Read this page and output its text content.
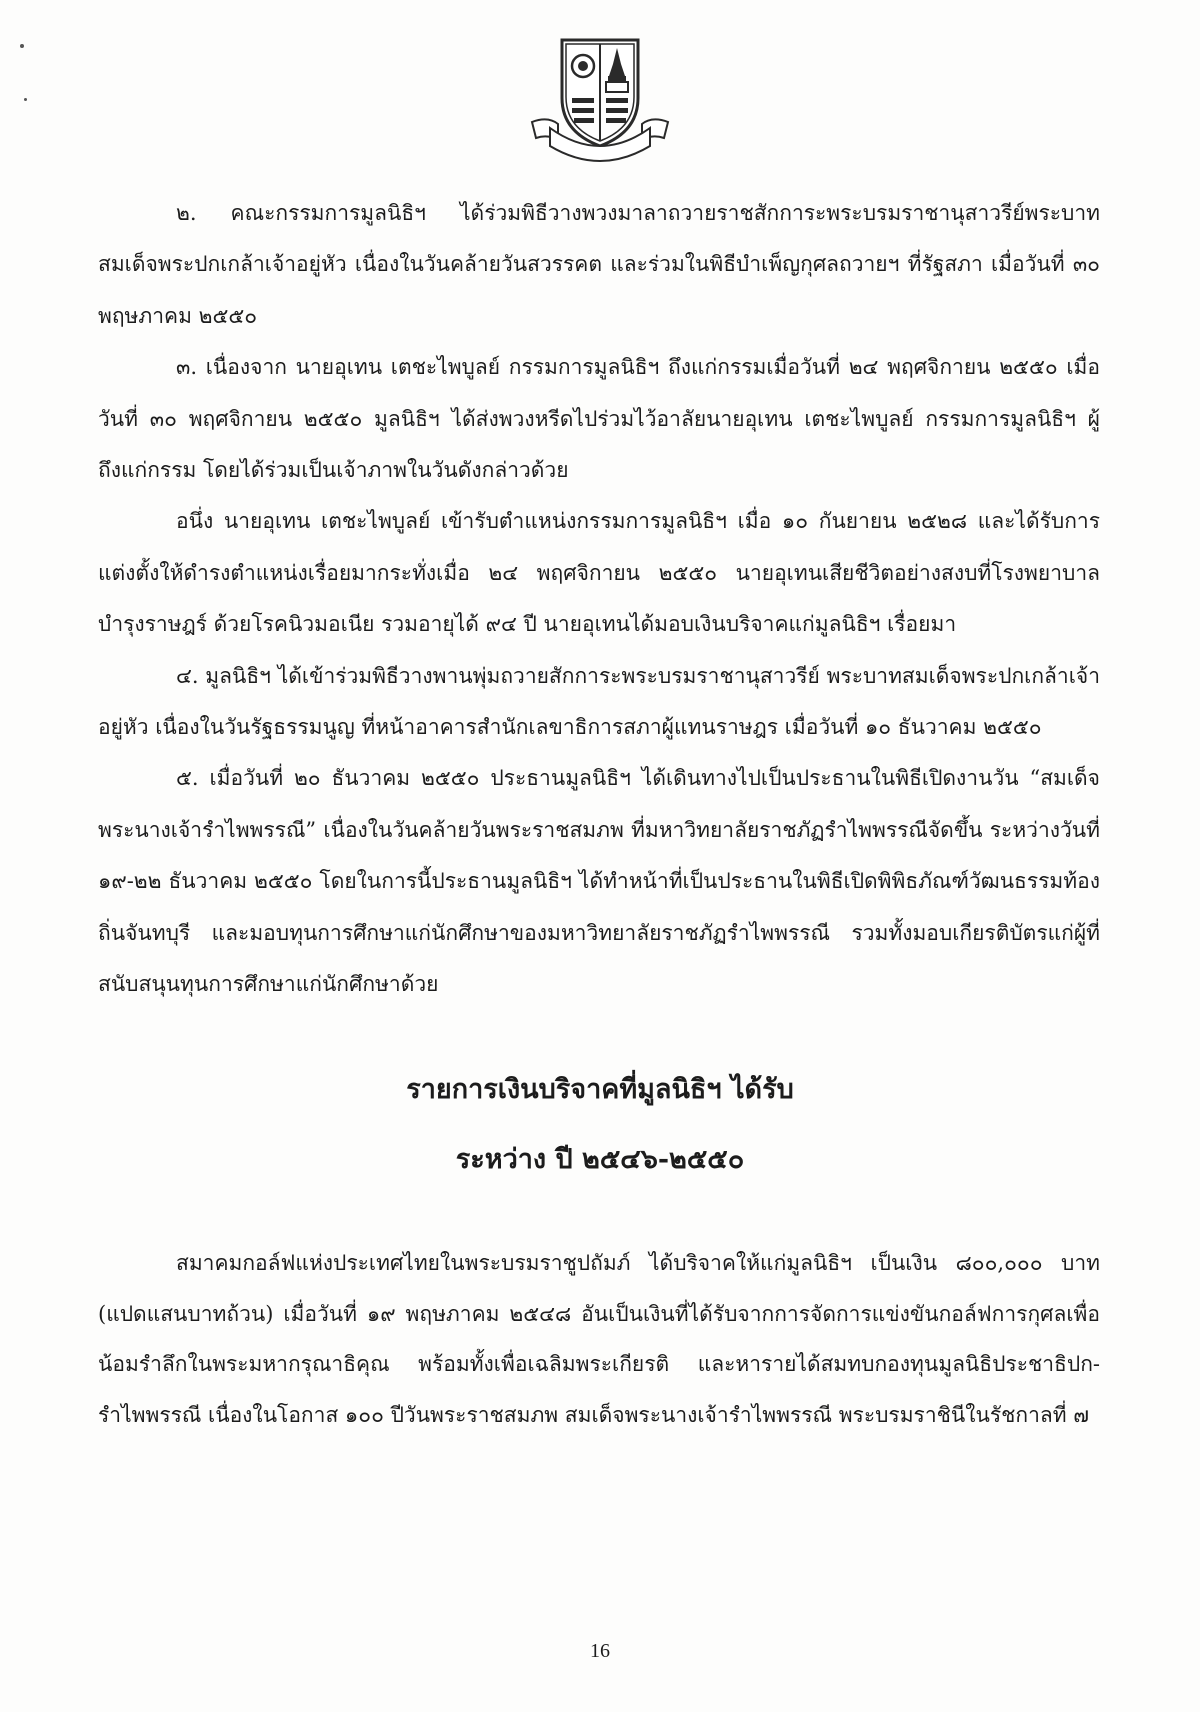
๒. คณะกรรมการมูลนิธิฯ ได้ร่วมพิธีวางพวงมาลาถวายราชสักการะพระบรมราชานุสาวรีย์พระบาทสมเด็จพระปกเกล้าเจ้าอยู่หัว เนื่องในวันคล้ายวันสวรรคต และร่วมในพิธีบำเพ็ญกุศลถวายฯ ที่รัฐสภา เมื่อวันที่ ๓๐ พฤษภาคม ๒๕๕๐

๓. เนื่องจาก นายอุเทน เตชะไพบูลย์ กรรมการมูลนิธิฯ ถึงแก่กรรมเมื่อวันที่ ๒๔ พฤศจิกายน ๒๕๕๐ เมื่อวันที่ ๓๐ พฤศจิกายน ๒๕๕๐ มูลนิธิฯ ได้ส่งพวงหรีดไปร่วมไว้อาลัยนายอุเทน เตชะไพบูลย์ กรรมการมูลนิธิฯ ผู้ถึงแก่กรรม โดยได้ร่วมเป็นเจ้าภาพในวันดังกล่าวด้วย

อนึ่ง นายอุเทน เตชะไพบูลย์ เข้ารับตำแหน่งกรรมการมูลนิธิฯ เมื่อ ๑๐ กันยายน ๒๕๒๘ และได้รับการแต่งตั้งให้ดำรงตำแหน่งเรื่อยมากระทั่งเมื่อ ๒๔ พฤศจิกายน ๒๕๕๐ นายอุเทนเสียชีวิตอย่างสงบที่โรงพยาบาลบำรุงราษฎร์ ด้วยโรคนิวมอเนีย รวมอายุได้ ๙๔ ปี นายอุเทนได้มอบเงินบริจาคแก่มูลนิธิฯ เรื่อยมา

๔. มูลนิธิฯ ได้เข้าร่วมพิธีวางพานพุ่มถวายสักการะพระบรมราชานุสาวรีย์ พระบาทสมเด็จพระปกเกล้าเจ้าอยู่หัว เนื่องในวันรัฐธรรมนูญ ที่หน้าอาคารสำนักเลขาธิการสภาผู้แทนราษฎร เมื่อวันที่ ๑๐ ธันวาคม ๒๕๕๐

๕. เมื่อวันที่ ๒๐ ธันวาคม ๒๕๕๐ ประธานมูลนิธิฯ ได้เดินทางไปเป็นประธานในพิธีเปิดงานวัน “สมเด็จพระนางเจ้ารำไพพรรณี” เนื่องในวันคล้ายวันพระราชสมภพ ที่มหาวิทยาลัยราชภัฏรำไพพรรณีจัดขึ้น ระหว่างวันที่ ๑๙-๒๒ ธันวาคม ๒๕๕๐ โดยในการนี้ประธานมูลนิธิฯ ได้ทำหน้าที่เป็นประธานในพิธีเปิดพิพิธภัณฑ์วัฒนธรรมท้องถิ่นจันทบุรี และมอบทุนการศึกษาแก่นักศึกษาของมหาวิทยาลัยราชภัฏรำไพพรรณี รวมทั้งมอบเกียรติบัตรแก่ผู้ที่สนับสนุนทุนการศึกษาแก่นักศึกษาด้วย

รายการเงินบริจาคที่มูลนิธิฯ ได้รับ
ระหว่าง ปี ๒๕๔๖-๒๕๕๐

สมาคมกอล์ฟแห่งประเทศไทยในพระบรมราชูปถัมภ์ ได้บริจาคให้แก่มูลนิธิฯ เป็นเงิน ๘๐๐,๐๐๐ บาท (แปดแสนบาทถ้วน) เมื่อวันที่ ๑๙ พฤษภาคม ๒๕๔๘ อันเป็นเงินที่ได้รับจากการจัดการแข่งขันกอล์ฟการกุศลเพื่อน้อมรำลึกในพระมหากรุณาธิคุณ พร้อมทั้งเพื่อเฉลิมพระเกียรติ และหารายได้สมทบกองทุนมูลนิธิประชาธิปก-รำไพพรรณี เนื่องในโอกาส ๑๐๐ ปีวันพระราชสมภพ สมเด็จพระนางเจ้ารำไพพรรณี พระบรมราชินีในรัชกาลที่ ๗

16
